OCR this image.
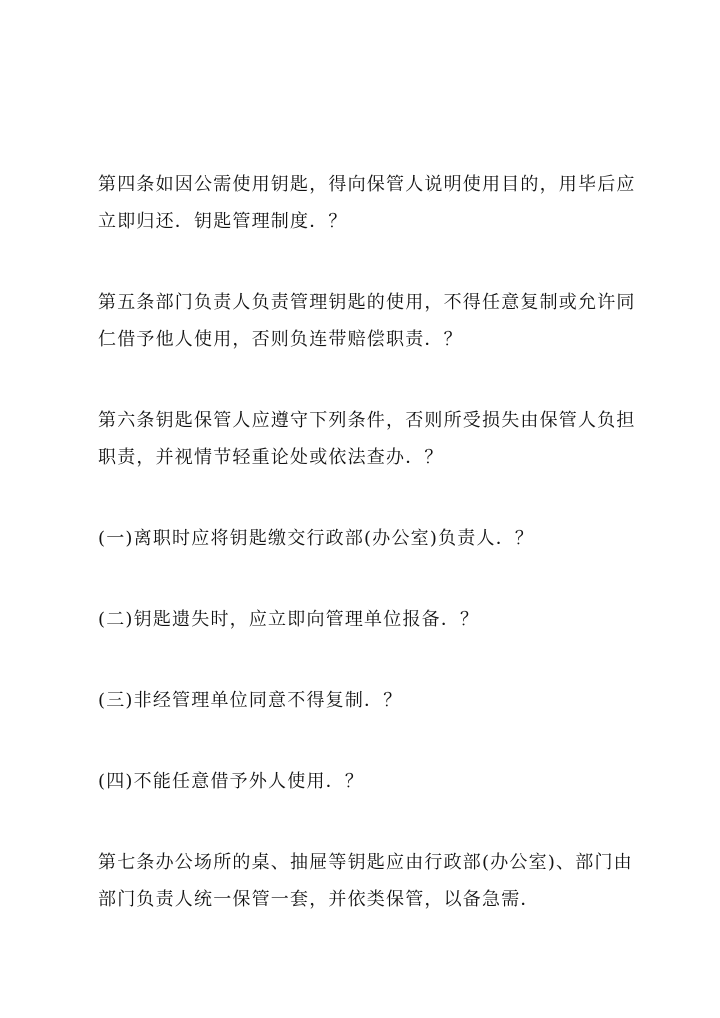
第四条如因公需使用钥匙，得向保管人说明使用目的，用毕后应立即归还．钥匙管理制度．？

第五条部门负责人负责管理钥匙的使用，不得任意复制或允许同仁借予他人使用，否则负连带赔偿职责．？

第六条钥匙保管人应遵守下列条件，否则所受损失由保管人负担职责，并视情节轻重论处或依法查办．？

(一)离职时应将钥匙缴交行政部(办公室)负责人．？

(二)钥匙遗失时，应立即向管理单位报备．？

(三)非经管理单位同意不得复制．？

(四)不能任意借予外人使用．？

第七条办公场所的桌、抽屉等钥匙应由行政部(办公室)、部门由部门负责人统一保管一套，并依类保管，以备急需．
